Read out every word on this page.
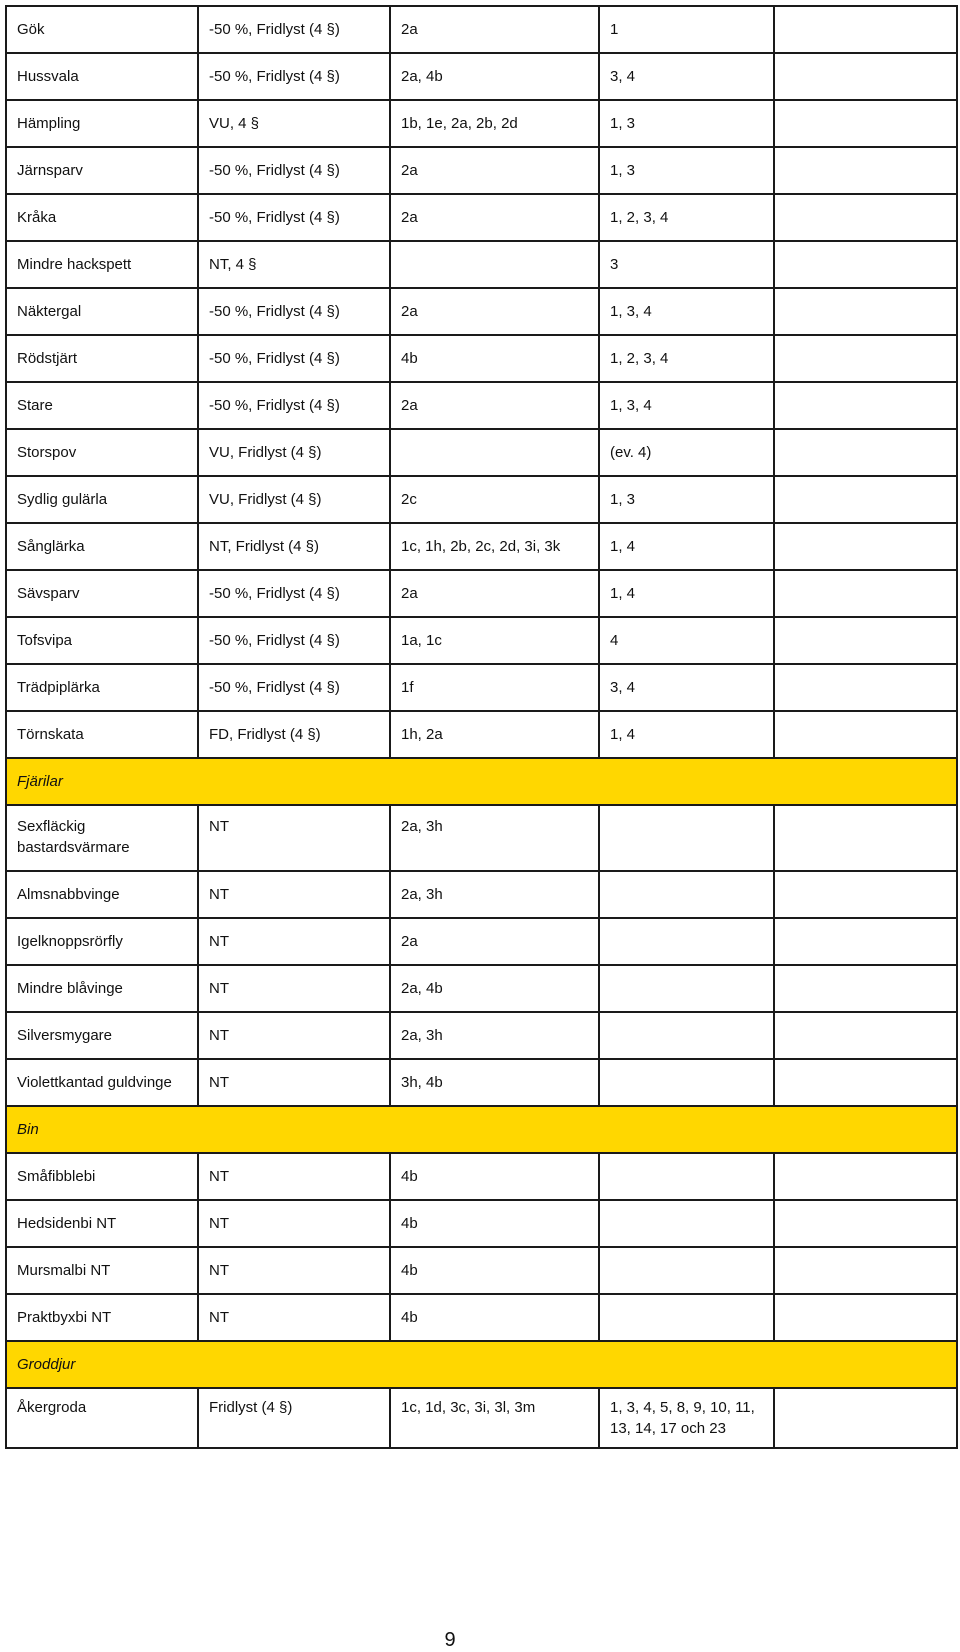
Gök	-50 %, Fridlyst (4 §)	2a	1	
Hussvala	-50 %, Fridlyst (4 §)	2a, 4b	3, 4	
Hämpling	VU, 4 §	1b, 1e, 2a, 2b, 2d	1, 3	
Järnsparv	-50 %, Fridlyst (4 §)	2a	1, 3	
Kråka	-50 %, Fridlyst (4 §)	2a	1, 2, 3, 4	
Mindre hackspett	NT, 4 §		3	
Näktergal	-50 %, Fridlyst (4 §)	2a	1, 3, 4	
Rödstjärt	-50 %, Fridlyst (4 §)	4b	1, 2, 3, 4	
Stare	-50 %, Fridlyst (4 §)	2a	1, 3, 4	
Storspov	VU, Fridlyst (4 §)		(ev. 4)	
Sydlig gulärla	VU, Fridlyst (4 §)	2c	1, 3	
Sånglärka	NT, Fridlyst (4 §)	1c, 1h, 2b, 2c, 2d, 3i, 3k	1, 4	
Sävsparv	-50 %, Fridlyst (4 §)	2a	1, 4	
Tofsvipa	-50 %, Fridlyst (4 §)	1a, 1c	4	
Trädpiplärka	-50 %, Fridlyst (4 §)	1f	3, 4	
Törnskata	FD, Fridlyst (4 §)	1h, 2a	1, 4	
Fjärilar				
Sexfläckig bastardsvärmare	NT	2a, 3h		
Almsnabbvinge	NT	2a, 3h		
Igelknoppsrörfly	NT	2a		
Mindre blåvinge	NT	2a, 4b		
Silversmygare	NT	2a, 3h		
Violettkantad guldvinge	NT	3h, 4b		
Bin				
Småfibblebi	NT	4b		
Hedsidenbi NT	NT	4b		
Mursmalbi NT	NT	4b		
Praktbyxbi NT	NT	4b		
Groddjur				
Åkergroda	Fridlyst (4 §)	1c, 1d, 3c, 3i, 3l, 3m	1, 3, 4, 5, 8, 9, 10, 11, 13, 14, 17 och 23	
9
